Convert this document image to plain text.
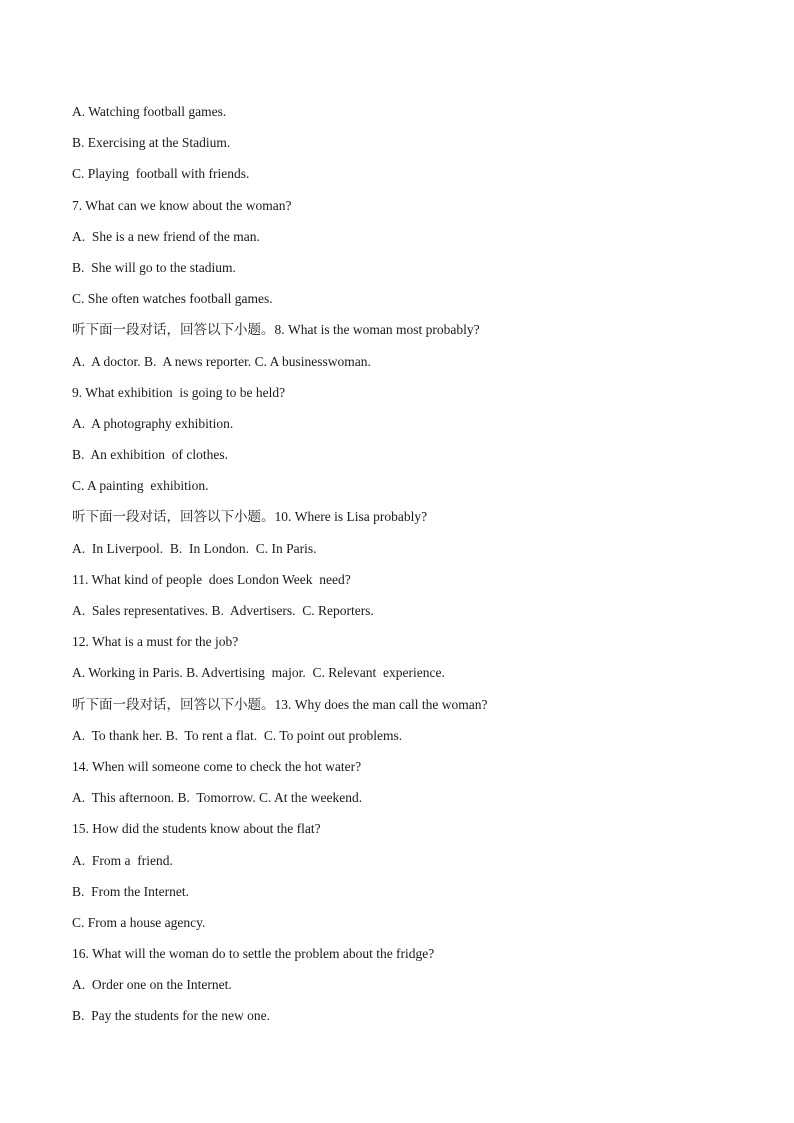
A. Watching football games.
B. Exercising at the Stadium.
C. Playing  football with friends.
7. What can we know about the woman?
A.  She is a new friend of the man.
B.  She will go to the stadium.
C. She often watches football games.
听下面一段对话，回答以下小题。8. What is the woman most probably?
A.  A doctor. B.  A news reporter. C. A businesswoman.
9. What exhibition  is going to be held?
A.  A photography exhibition.
B.  An exhibition  of clothes.
C. A painting  exhibition.
听下面一段对话，回答以下小题。10. Where is Lisa probably?
A.  In Liverpool.  B.  In London.  C. In Paris.
11. What kind of people  does London Week  need?
A.  Sales representatives. B.  Advertisers.  C. Reporters.
12. What is a must for the job?
A. Working in Paris. B. Advertising  major.  C. Relevant  experience.
听下面一段对话，回答以下小题。13. Why does the man call the woman?
A.  To thank her. B.  To rent a flat.  C. To point out problems.
14. When will someone come to check the hot water?
A.  This afternoon. B.  Tomorrow. C. At the weekend.
15. How did the students know about the flat?
A.  From a  friend.
B.  From the Internet.
C. From a house agency.
16. What will the woman do to settle the problem about the fridge?
A.  Order one on the Internet.
B.  Pay the students for the new one.
